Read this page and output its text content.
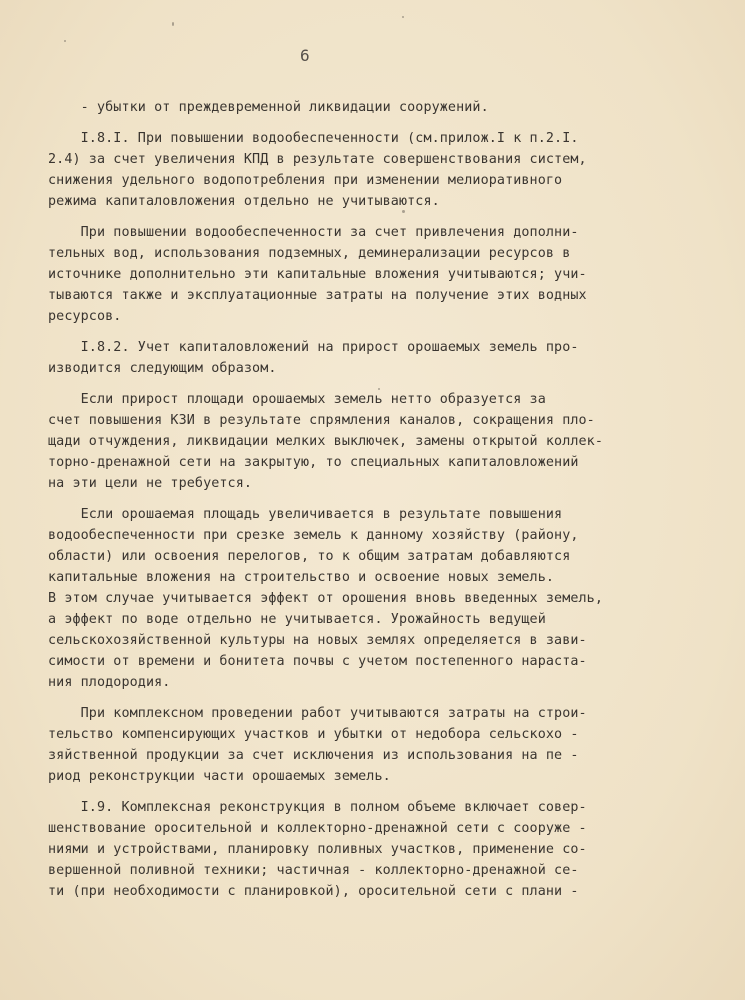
6
- убытки от преждевременной ликвидации сооружений.
I.8.I. При повышении водообеспеченности (см.прилож.I к п.2.I.
2.4) за счет увеличения КПД в результате совершенствования систем,
снижения удельного водопотребления при изменении мелиоративного
режима капиталовложения отдельно не учитываются.
При повышении водообеспеченности за счет привлечения дополни-
тельных вод, использования подземных, деминерализации ресурсов в
источнике дополнительно эти капитальные вложения учитываются; учи-
тываются также и эксплуатационные затраты на получение этих водных
ресурсов.
I.8.2. Учет капиталовложений на прирост орошаемых земель про-
изводится следующим образом.
Если прирост площади орошаемых земель нетто образуется за
счет повышения КЗИ в результате спрямления каналов, сокращения пло-
щади отчуждения, ликвидации мелких выключек, замены открытой коллек-
торно-дренажной сети на закрытую, то специальных капиталовложений
на эти цели не требуется.
Если орошаемая площадь увеличивается в результате повышения
водообеспеченности при срезке земель к данному хозяйству (району,
области) или освоения перелогов, то к общим затратам добавляются
капитальные вложения на строительство и освоение новых земель.
В этом случае учитывается эффект от орошения вновь введенных земель,
а эффект по воде отдельно не учитывается. Урожайность ведущей
сельскохозяйственной культуры на новых землях определяется в зави-
симости от времени и бонитета почвы с учетом постепенного нараста-
ния плодородия.
При комплексном проведении работ учитываются затраты на строи-
тельство компенсирующих участков и убытки от недобора сельскохо -
зяйственной продукции за счет исключения из использования на пе -
риод реконструкции части орошаемых земель.
I.9. Комплексная реконструкция в полном объеме включает совер-
шенствование оросительной и коллекторно-дренажной сети с сооруже -
ниями и устройствами, планировку поливных участков, применение со-
вершенной поливной техники; частичная - коллекторно-дренажной се-
ти (при необходимости с планировкой), оросительной сети с плани -
